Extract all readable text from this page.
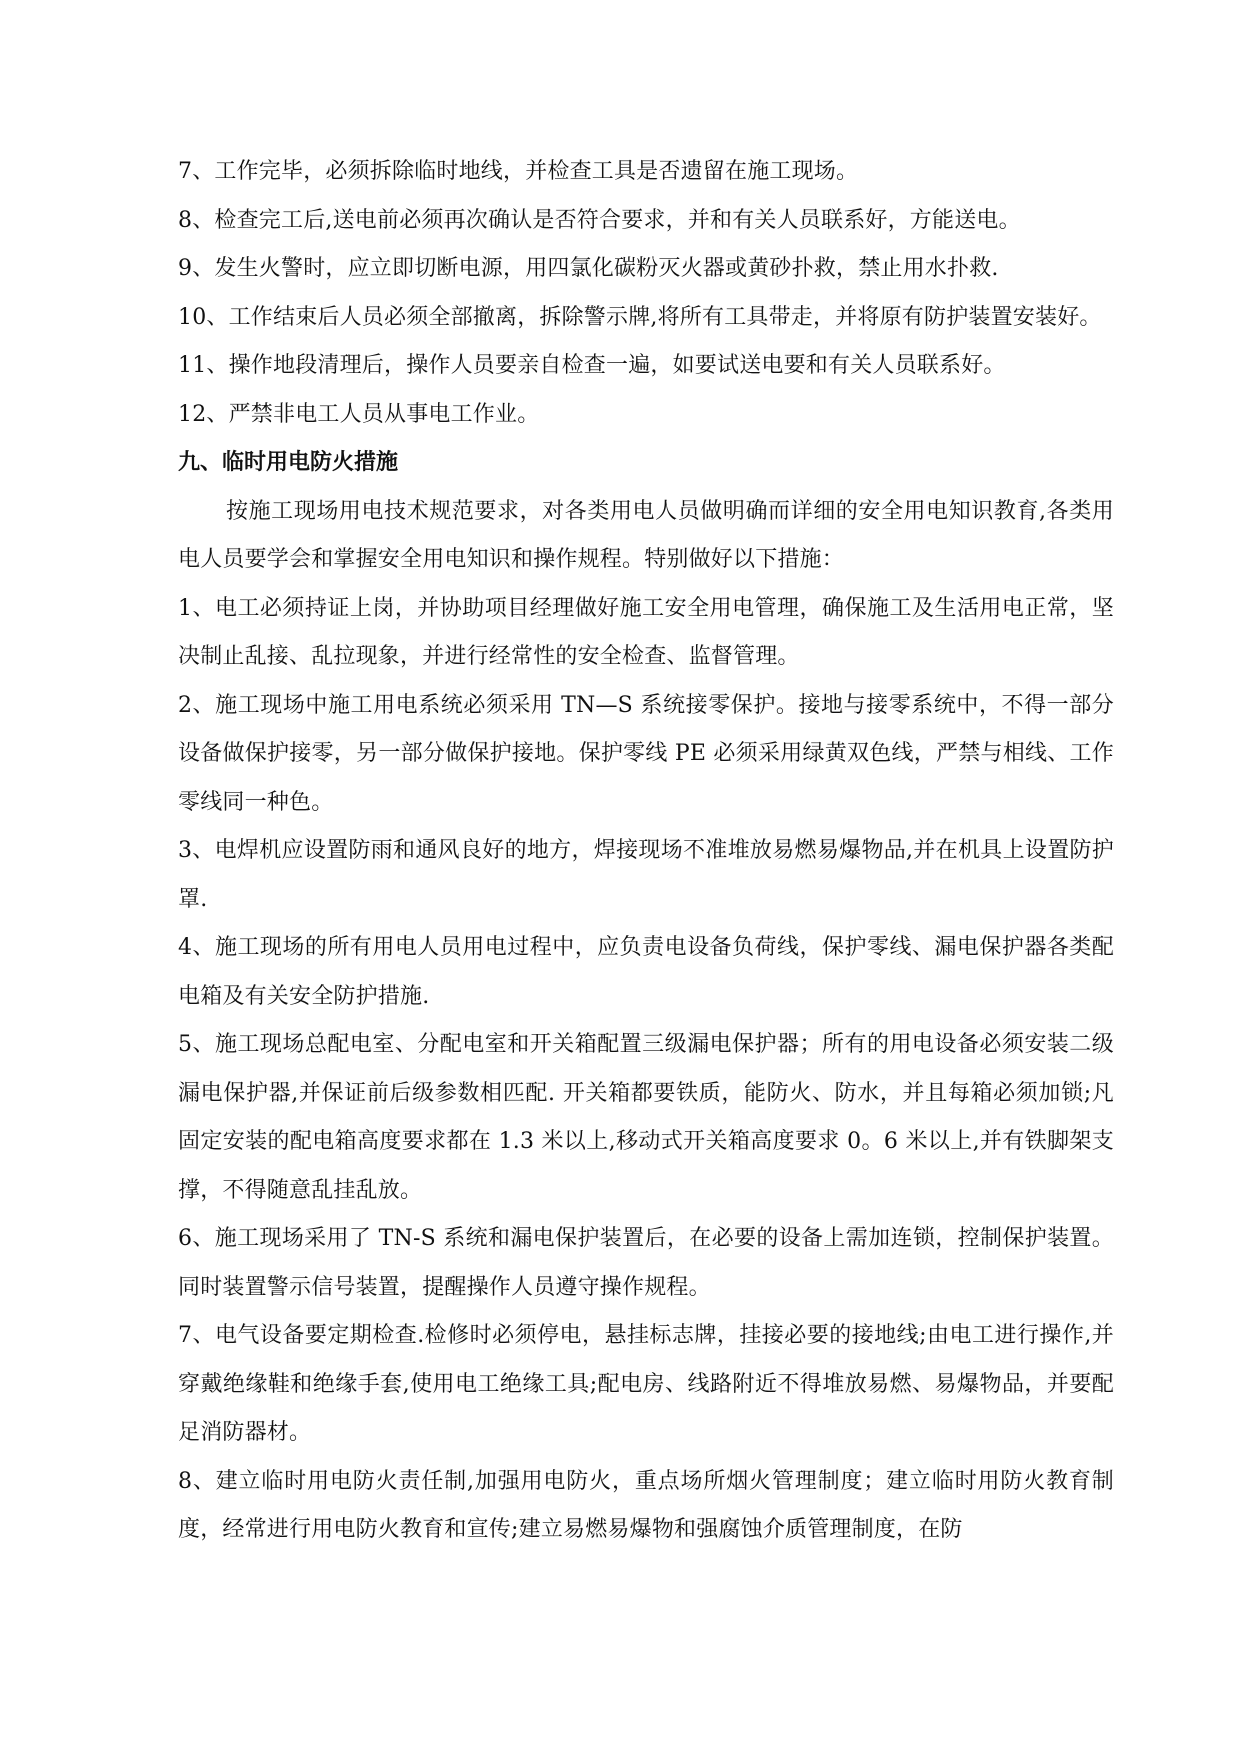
7、工作完毕，必须拆除临时地线，并检查工具是否遗留在施工现场。

8、检查完工后,送电前必须再次确认是否符合要求，并和有关人员联系好，方能送电。

9、发生火警时，应立即切断电源，用四氯化碳粉灭火器或黄砂扑救，禁止用水扑救.

10、工作结束后人员必须全部撤离，拆除警示牌,将所有工具带走，并将原有防护装置安装好。

11、操作地段清理后，操作人员要亲自检查一遍，如要试送电要和有关人员联系好。

12、严禁非电工人员从事电工作业。

九、临时用电防火措施

按施工现场用电技术规范要求，对各类用电人员做明确而详细的安全用电知识教育,各类用电人员要学会和掌握安全用电知识和操作规程。特别做好以下措施：

1、电工必须持证上岗，并协助项目经理做好施工安全用电管理，确保施工及生活用电正常，坚决制止乱接、乱拉现象，并进行经常性的安全检查、监督管理。

2、施工现场中施工用电系统必须采用 TN—S 系统接零保护。接地与接零系统中，不得一部分设备做保护接零，另一部分做保护接地。保护零线 PE 必须采用绿黄双色线，严禁与相线、工作零线同一种色。

3、电焊机应设置防雨和通风良好的地方，焊接现场不准堆放易燃易爆物品,并在机具上设置防护罩.

4、施工现场的所有用电人员用电过程中，应负责电设备负荷线，保护零线、漏电保护器各类配电箱及有关安全防护措施.

5、施工现场总配电室、分配电室和开关箱配置三级漏电保护器；所有的用电设备必须安装二级漏电保护器,并保证前后级参数相匹配. 开关箱都要铁质，能防火、防水，并且每箱必须加锁;凡固定安装的配电箱高度要求都在 1.3 米以上,移动式开关箱高度要求 0。6 米以上,并有铁脚架支撑，不得随意乱挂乱放。

6、施工现场采用了 TN-S 系统和漏电保护装置后，在必要的设备上需加连锁，控制保护装置。同时装置警示信号装置，提醒操作人员遵守操作规程。

7、电气设备要定期检查.检修时必须停电，悬挂标志牌，挂接必要的接地线;由电工进行操作,并穿戴绝缘鞋和绝缘手套,使用电工绝缘工具;配电房、线路附近不得堆放易燃、易爆物品，并要配足消防器材。

8、建立临时用电防火责任制,加强用电防火，重点场所烟火管理制度；建立临时用防火教育制度，经常进行用电防火教育和宣传;建立易燃易爆物和强腐蚀介质管理制度，在防
